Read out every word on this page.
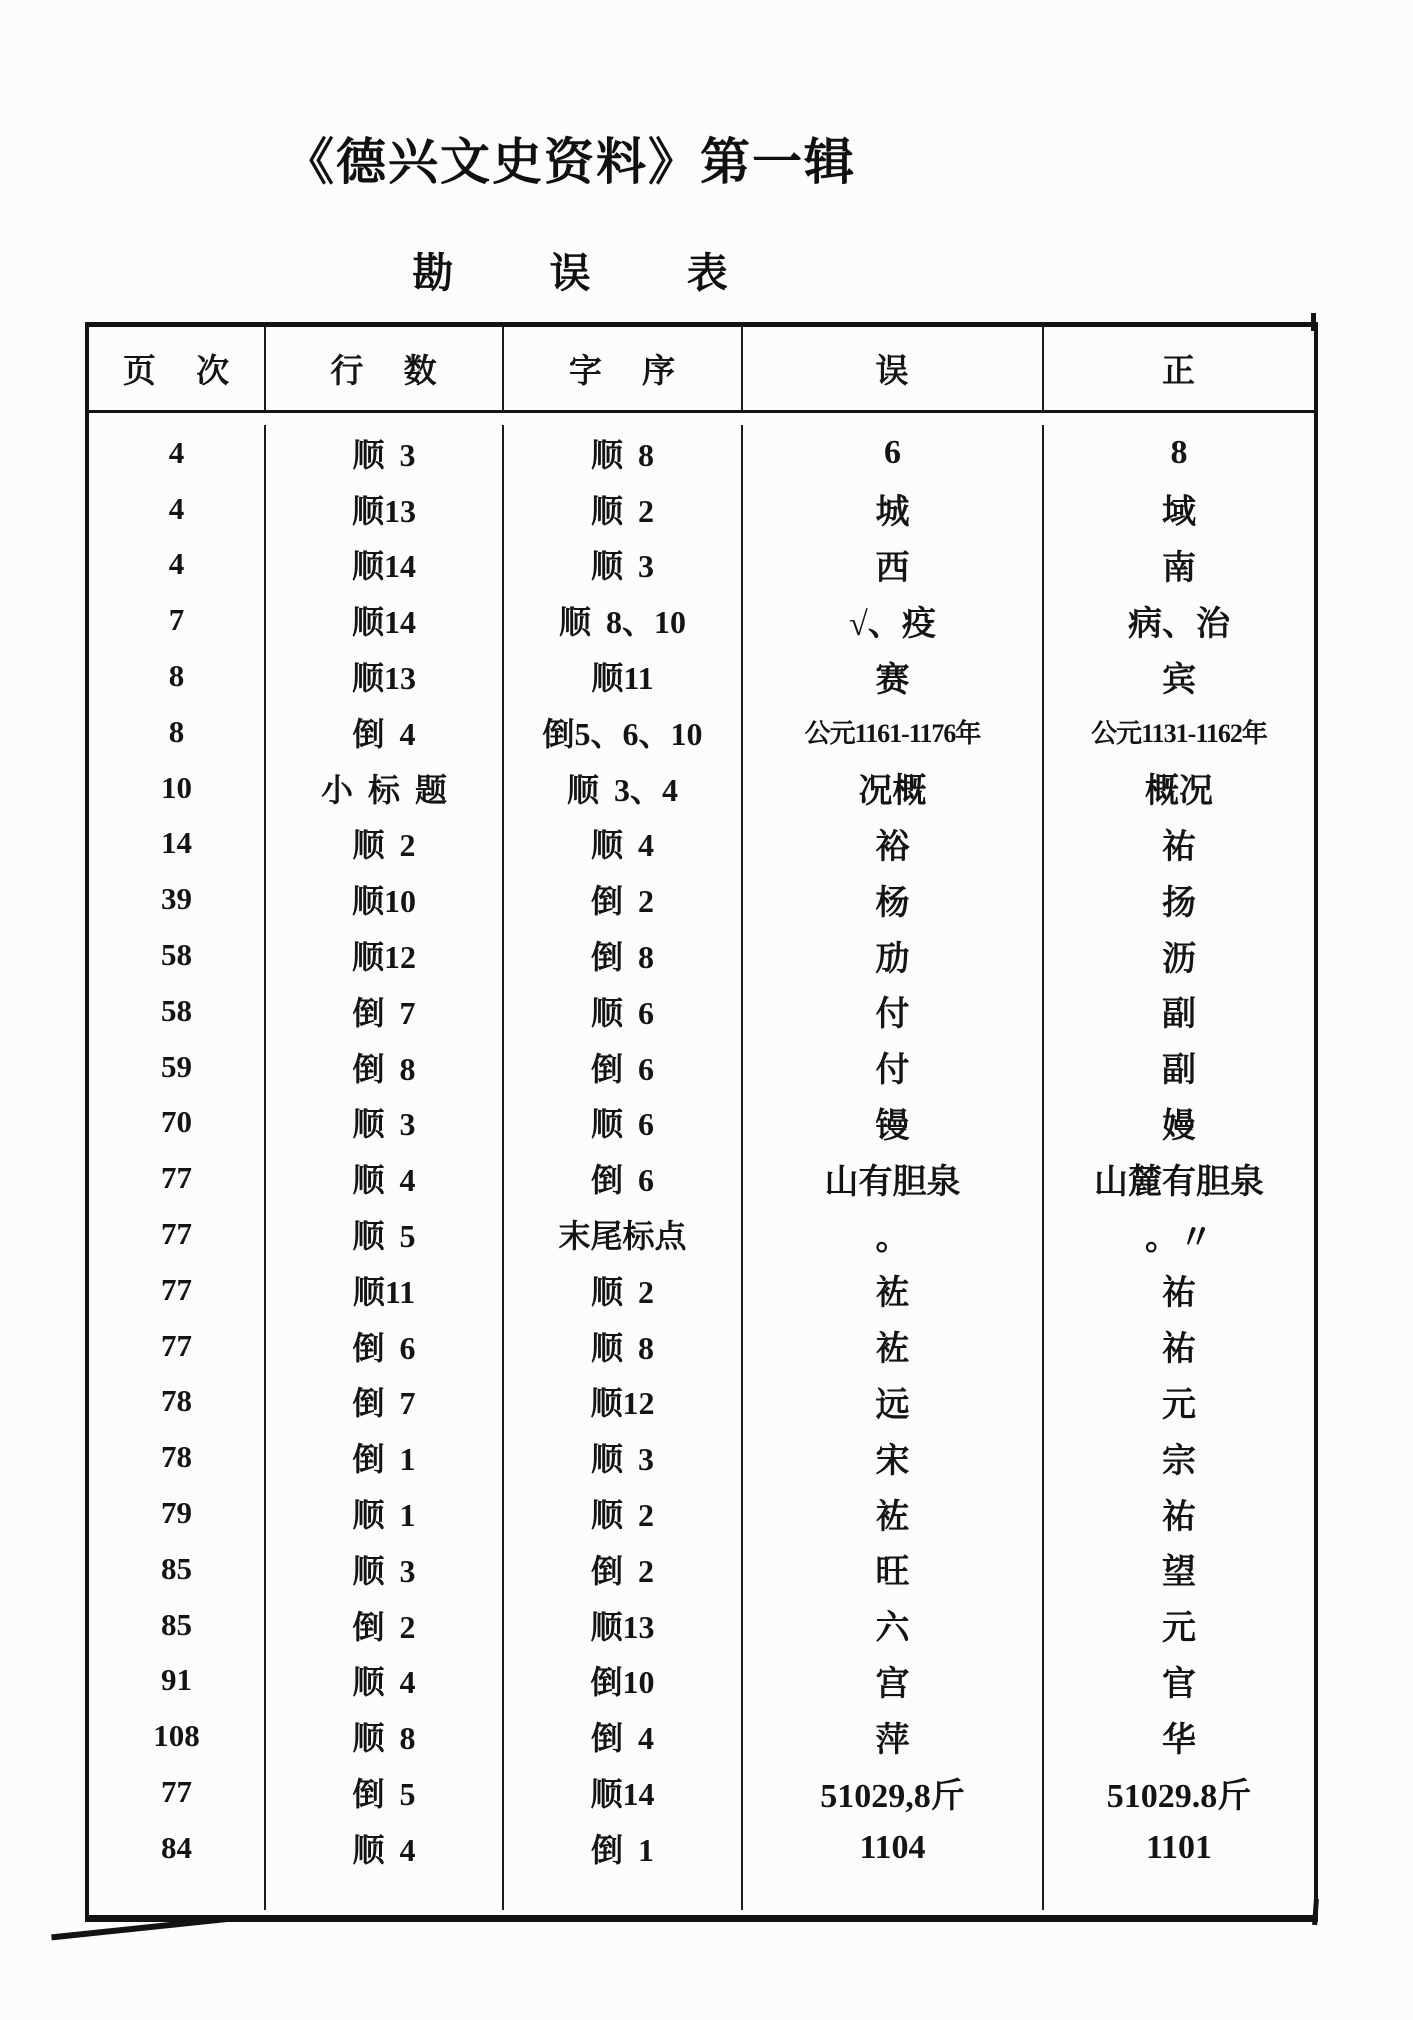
《德兴文史资料》第一辑
勘 误 表
页 次	行 数	字 序	误	正
4	顺 3	顺 8	6	8
4	顺13	顺 2	城	域
4	顺14	顺 3	西	南
7	顺14	顺 8、10	√、疫	病、治
8	顺13	顺11	赛	宾
8	倒 4	倒5、6、10	公元1161-1176年	公元1131-1162年
10	小 标 题	顺 3、4	况概	概况
14	顺 2	顺 4	裕	祐
39	顺10	倒 2	杨	扬
58	顺12	倒 8	劢	沥
58	倒 7	顺 6	付	副
59	倒 8	倒 6	付	副
70	顺 3	顺 6	镘	嫚
77	顺 4	倒 6	山有胆泉	山麓有胆泉
77	顺 5	末尾标点	。	。〃
77	顺11	顺 2	袏	祐
77	倒 6	顺 8	袏	祐
78	倒 7	顺12	远	元
78	倒 1	顺 3	宋	宗
79	顺 1	顺 2	袏	祐
85	顺 3	倒 2	旺	望
85	倒 2	顺13	六	元
91	顺 4	倒10	宫	官
108	顺 8	倒 4	萍	华
77	倒 5	顺14	51029,8斤	51029.8斤
84	顺 4	倒 1	1104	1101
